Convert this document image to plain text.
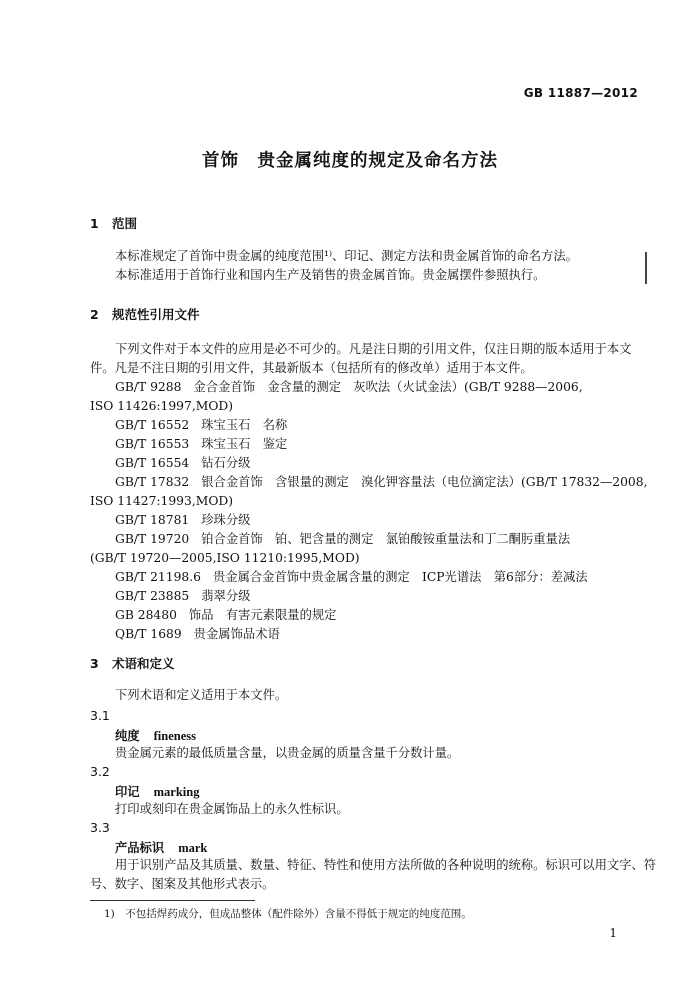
GB 11887—2012
首饰　贵金属纯度的规定及命名方法
1 范围
本标准规定了首饰中贵金属的纯度范围¹⁾、印记、测定方法和贵金属首饰的命名方法。
本标准适用于首饰行业和国内生产及销售的贵金属首饰。贵金属摆件参照执行。
2 规范性引用文件
下列文件对于本文件的应用是必不可少的。凡是注日期的引用文件，仅注日期的版本适用于本文
件。凡是不注日期的引用文件，其最新版本（包括所有的修改单）适用于本文件。
GB/T 9288 金合金首饰　金含量的测定　灰吹法（火试金法）(GB/T 9288—2006,
ISO 11426:1997,MOD)
GB/T 16552 珠宝玉石　名称
GB/T 16553 珠宝玉石　鉴定
GB/T 16554 钻石分级
GB/T 17832 银合金首饰　含银量的测定　溴化钾容量法（电位滴定法）(GB/T 17832—2008,
ISO 11427:1993,MOD)
GB/T 18781 珍珠分级
GB/T 19720 铂合金首饰　铂、钯含量的测定　氯铂酸铵重量法和丁二酮肟重量法
(GB/T 19720—2005,ISO 11210:1995,MOD)
GB/T 21198.6 贵金属合金首饰中贵金属含量的测定　ICP光谱法　第6部分：差减法
GB/T 23885 翡翠分级
GB 28480 饰品　有害元素限量的规定
QB/T 1689 贵金属饰品术语
3 术语和定义
下列术语和定义适用于本文件。
3.1
纯度 fineness
贵金属元素的最低质量含量，以贵金属的质量含量千分数计量。
3.2
印记 marking
打印或刻印在贵金属饰品上的永久性标识。
3.3
产品标识 mark
用于识别产品及其质量、数量、特征、特性和使用方法所做的各种说明的统称。标识可以用文字、符
号、数字、图案及其他形式表示。
1)　不包括焊药成分，但成品整体（配件除外）含量不得低于规定的纯度范围。
1
